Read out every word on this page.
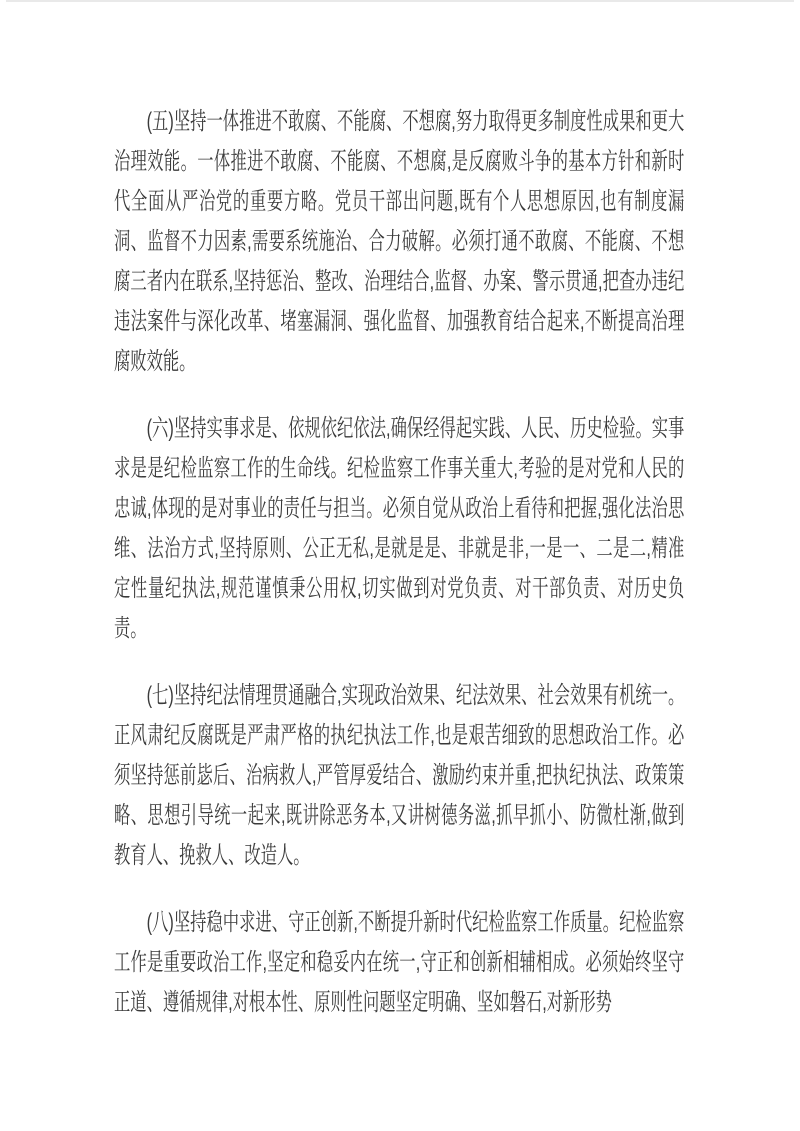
(五)坚持一体推进不敢腐、不能腐、不想腐,努力取得更多制度性成果和更大治理效能。一体推进不敢腐、不能腐、不想腐,是反腐败斗争的基本方针和新时代全面从严治党的重要方略。党员干部出问题,既有个人思想原因,也有制度漏洞、监督不力因素,需要系统施治、合力破解。必须打通不敢腐、不能腐、不想腐三者内在联系,坚持惩治、整改、治理结合,监督、办案、警示贯通,把查办违纪违法案件与深化改革、堵塞漏洞、强化监督、加强教育结合起来,不断提高治理腐败效能。

(六)坚持实事求是、依规依纪依法,确保经得起实践、人民、历史检验。实事求是是纪检监察工作的生命线。纪检监察工作事关重大,考验的是对党和人民的忠诚,体现的是对事业的责任与担当。必须自觉从政治上看待和把握,强化法治思维、法治方式,坚持原则、公正无私,是就是是、非就是非,一是一、二是二,精准定性量纪执法,规范谨慎秉公用权,切实做到对党负责、对干部负责、对历史负责。

(七)坚持纪法情理贯通融合,实现政治效果、纪法效果、社会效果有机统一。正风肃纪反腐既是严肃严格的执纪执法工作,也是艰苦细致的思想政治工作。必须坚持惩前毖后、治病救人,严管厚爱结合、激励约束并重,把执纪执法、政策策略、思想引导统一起来,既讲除恶务本,又讲树德务滋,抓早抓小、防微杜渐,做到教育人、挽救人、改造人。

(八)坚持稳中求进、守正创新,不断提升新时代纪检监察工作质量。纪检监察工作是重要政治工作,坚定和稳妥内在统一,守正和创新相辅相成。必须始终坚守正道、遵循规律,对根本性、原则性问题坚定明确、坚如磐石,对新形势
